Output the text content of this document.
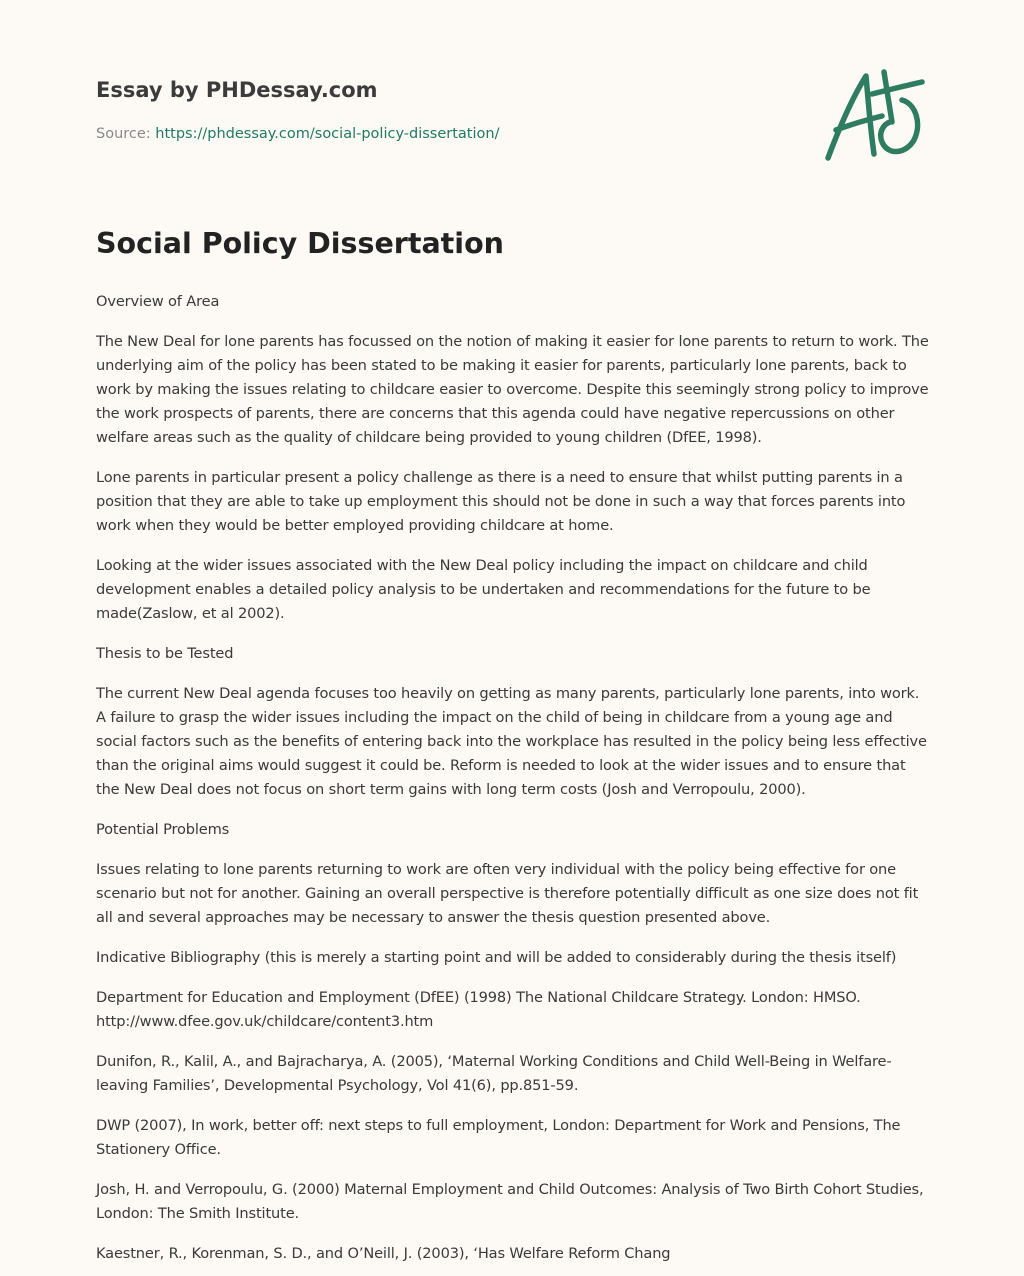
Essay by PHDessay.com

Source: https://phdessay.com/social-policy-dissertation/
Social Policy Dissertation

Overview of Area

The New Deal for lone parents has focussed on the notion of making it easier for lone parents to return to work. The underlying aim of the policy has been stated to be making it easier for parents, particularly lone parents, back to work by making the issues relating to childcare easier to overcome. Despite this seemingly strong policy to improve the work prospects of parents, there are concerns that this agenda could have negative repercussions on other welfare areas such as the quality of childcare being provided to young children (DfEE, 1998).

Lone parents in particular present a policy challenge as there is a need to ensure that whilst putting parents in a position that they are able to take up employment this should not be done in such a way that forces parents into work when they would be better employed providing childcare at home.

Looking at the wider issues associated with the New Deal policy including the impact on childcare and child development enables a detailed policy analysis to be undertaken and recommendations for the future to be made(Zaslow, et al 2002).

Thesis to be Tested

The current New Deal agenda focuses too heavily on getting as many parents, particularly lone parents, into work. A failure to grasp the wider issues including the impact on the child of being in childcare from a young age and social factors such as the benefits of entering back into the workplace has resulted in the policy being less effective than the original aims would suggest it could be. Reform is needed to look at the wider issues and to ensure that the New Deal does not focus on short term gains with long term costs (Josh and Verropoulu, 2000).

Potential Problems

Issues relating to lone parents returning to work are often very individual with the policy being effective for one scenario but not for another. Gaining an overall perspective is therefore potentially difficult as one size does not fit all and several approaches may be necessary to answer the thesis question presented above.

Indicative Bibliography (this is merely a starting point and will be added to considerably during the thesis itself)

Department for Education and Employment (DfEE) (1998) The National Childcare Strategy. London: HMSO. http://www.dfee.gov.uk/childcare/content3.htm

Dunifon, R., Kalil, A., and Bajracharya, A. (2005), ‘Maternal Working Conditions and Child Well-Being in Welfare-leaving Families’, Developmental Psychology, Vol 41(6), pp.851-59.

DWP (2007), In work, better off: next steps to full employment, London: Department for Work and Pensions, The Stationery Office.

Josh, H. and Verropoulu, G. (2000) Maternal Employment and Child Outcomes: Analysis of Two Birth Cohort Studies, London: The Smith Institute.

Kaestner, R., Korenman, S. D., and O’Neill, J. (2003), ‘Has Welfare Reform Chang
